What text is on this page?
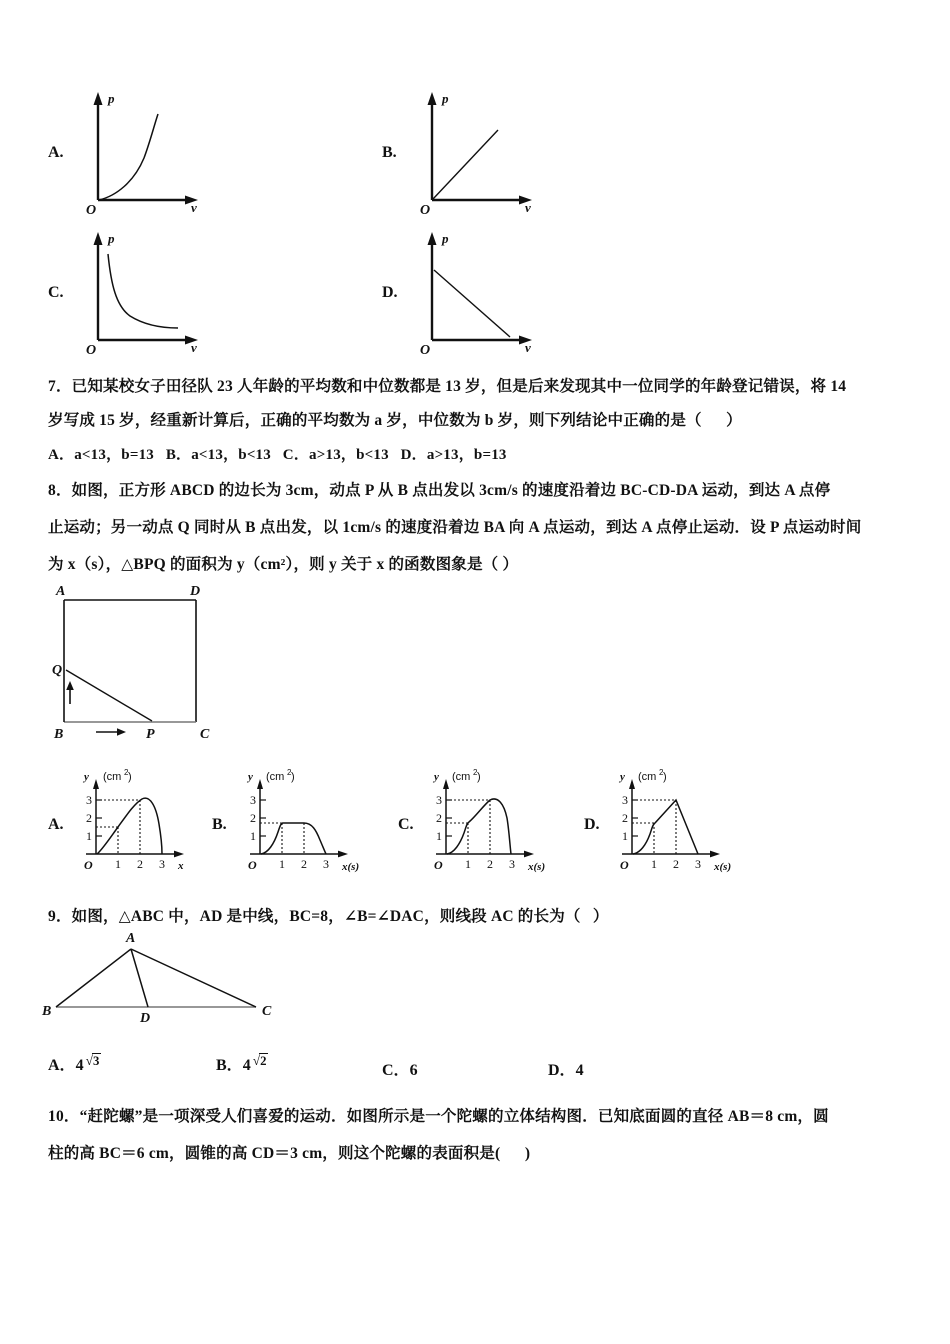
A.
p
v
O
B.
p
v
O
C.
p
v
O
D.
p
v
O
7．已知某校女子田径队 23 人年龄的平均数和中位数都是 13 岁，但是后来发现其中一位同学的年龄登记错误，将 14
岁写成 15 岁，经重新计算后，正确的平均数为 a 岁，中位数为 b 岁，则下列结论中正确的是（      ）
A．a<13，b=13   B．a<13，b<13   C．a>13，b<13   D．a>13，b=13
8．如图，正方形 ABCD 的边长为 3cm，动点 P 从 B 点出发以 3cm/s 的速度沿着边 BC‑CD‑DA 运动，到达 A 点停
止运动；另一动点 Q 同时从 B 点出发，以 1cm/s 的速度沿着边 BA 向 A 点运动，到达 A 点停止运动．设 P 点运动时间
为 x（s），△BPQ 的面积为 y（cm²），则 y 关于 x 的函数图象是（ ）
A	D
Q
B	P	C
A.
1
2
3
1 2 3
y (cm 2 )
O	x
B.
1
2
3
1 2 3
y (cm 2 )
O	x(s)
C.
1
2
3
1 2 3
y (cm 2 )
O	x(s)
D.
1
2
3
1 2 3
y (cm 2 )
O	x(s)
9．如图，△ABC 中，AD 是中线，BC=8，∠B=∠DAC，则线段 AC 的长为（   ）
A
B	D	C
A．4 √3	B．4 √2
C．6	D．4
10．“赶陀螺”是一项深受人们喜爱的运动．如图所示是一个陀螺的立体结构图．已知底面圆的直径 AB＝8 cm，圆
柱的高 BC＝6 cm，圆锥的高 CD＝3 cm，则这个陀螺的表面积是(      )
